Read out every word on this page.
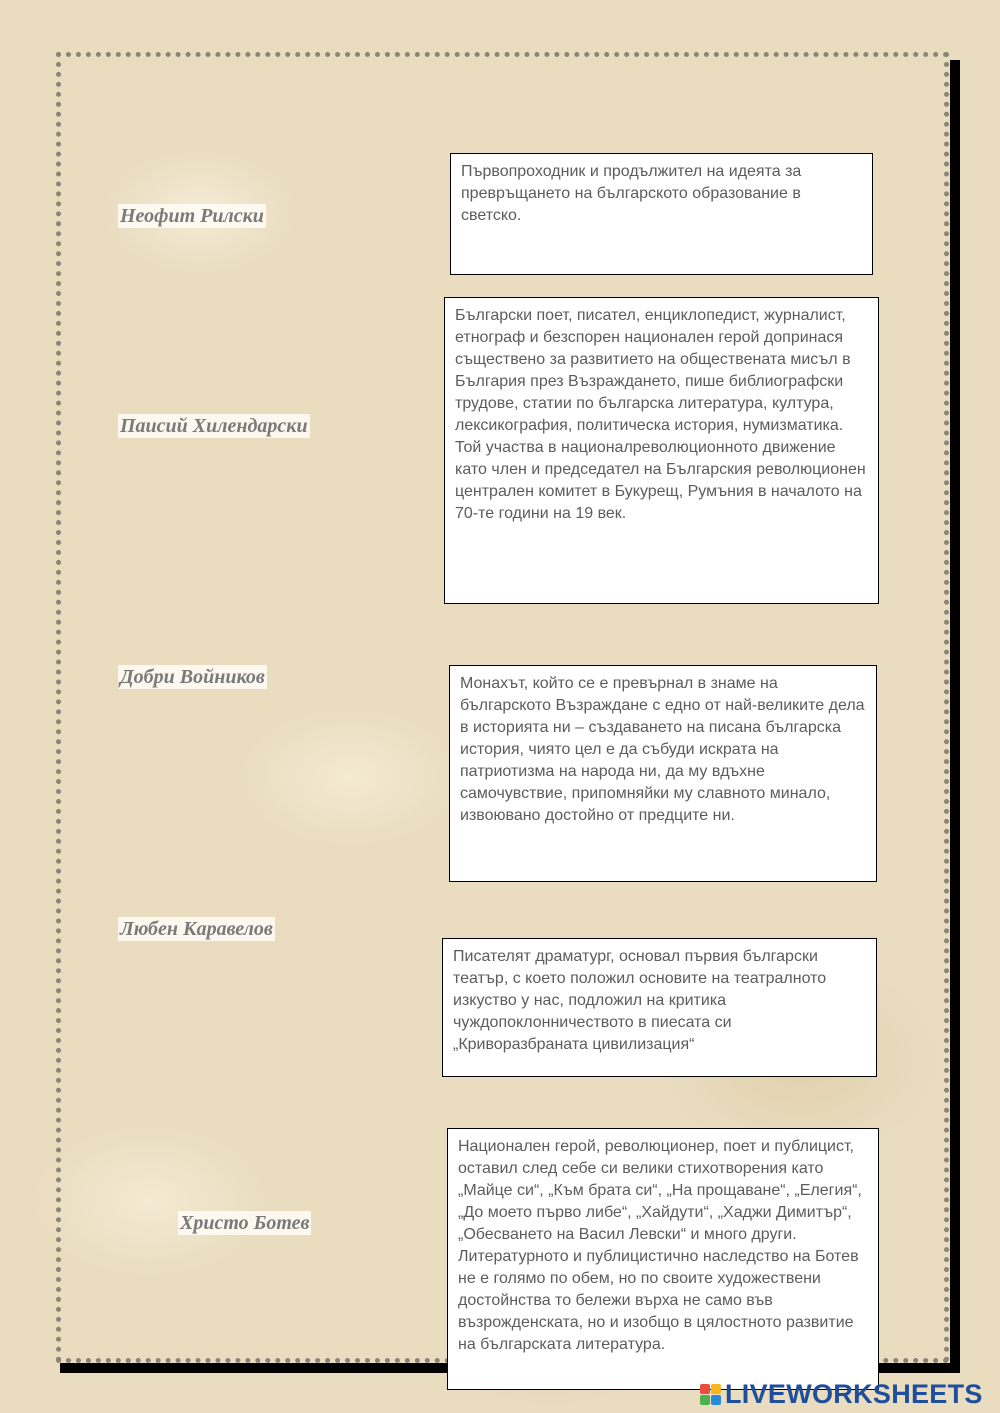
Неофит Рилски
Паисий Хилендарски
Добри Войников
Любен Каравелов
Христо Ботев
Първопроходник и продължител на идеята за превръщането на българското образование в светско.
Български поет, писател, енциклопедист, журналист, етнограф и безспорен национален герой допринася съществено за развитието на обществената мисъл в България през Възраждането, пише библиографски трудове, статии по българска литература, култура, лексикография, политическа история, нумизматика. Той участва в националреволюционното движение като член и председател на Българския революционен централен комитет в Букурещ, Румъния в началото на 70-те години на 19 век.
Монахът, който се е превърнал в знаме на българското Възраждане с едно от най-великите дела в историята ни – създаването на писана българска история, чиято цел е да събуди искрата на патриотизма на народа ни, да му вдъхне самочувствие, припомняйки му славното минало, извоювано достойно от предците ни.
Писателят драматург, основал първия български театър, с което положил основите на театралното изкуство у нас, подложил на критика чуждопоклонничеството в пиесата си „Криворазбраната цивилизация“
Национален герой, революционер, поет и публицист, оставил след себе си велики стихотворения като „Майце си“, „Към брата си“, „На прощаване“, „Елегия“, „До моето първо либе“, „Хайдути“, „Хаджи Димитър“, „Обесването на Васил Левски“ и много други. Литературното и публицистично наследство на Ботев не е голямо по обем, но по своите художествени достойнства то бележи върха не само във възрожденската, но и изобщо в цялостното развитие на българската литература.
LIVEWORKSHEETS
